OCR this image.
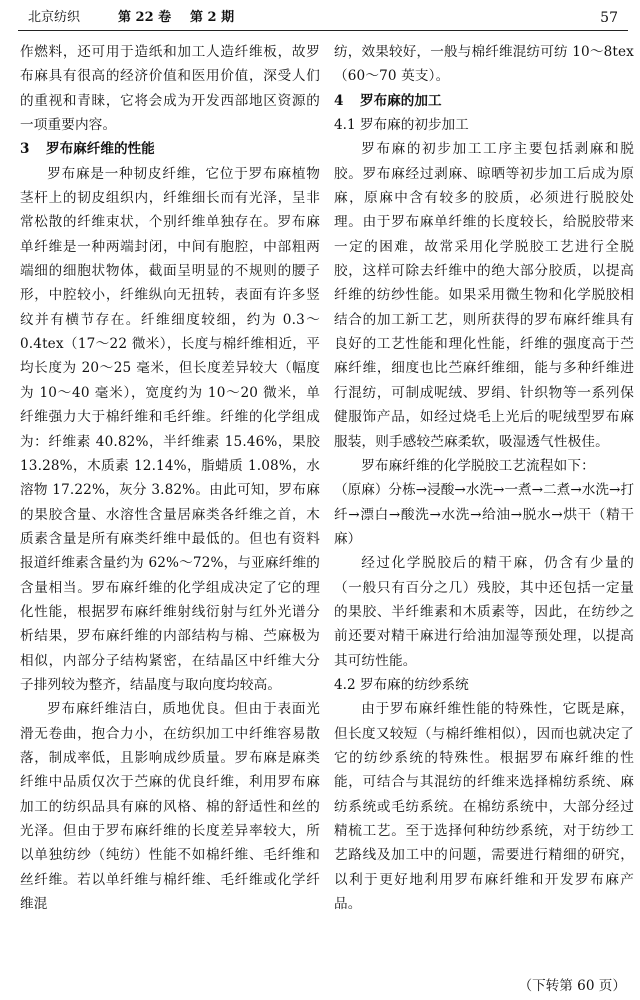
北京纺织	第 22 卷 第 2 期	57

作燃料，还可用于造纸和加工人造纤维板，故罗布麻具有很高的经济价值和医用价值，深受人们的重视和青睐，它将会成为开发西部地区资源的一项重要内容。

3 罗布麻纤维的性能

罗布麻是一种韧皮纤维，它位于罗布麻植物茎杆上的韧皮组织内，纤维细长而有光泽，呈非常松散的纤维束状，个别纤维单独存在。罗布麻单纤维是一种两端封闭，中间有胞腔，中部粗两端细的细胞状物体，截面呈明显的不规则的腰子形，中腔较小，纤维纵向无扭转，表面有许多竖纹并有横节存在。纤维细度较细，约为 0.3～0.4tex（17～22 微米），长度与棉纤维相近，平均长度为 20～25 毫米，但长度差异较大（幅度为 10～40 毫米），宽度约为 10～20 微米，单纤维强力大于棉纤维和毛纤维。纤维的化学组成为：纤维素 40.82%，半纤维素 15.46%，果胶 13.28%，木质素 12.14%，脂蜡质 1.08%，水溶物 17.22%，灰分 3.82%。由此可知，罗布麻的果胶含量、水溶性含量居麻类各纤维之首，木质素含量是所有麻类纤维中最低的。但也有资料报道纤维素含量约为 62%～72%，与亚麻纤维的含量相当。罗布麻纤维的化学组成决定了它的理化性能，根据罗布麻纤维射线衍射与红外光谱分析结果，罗布麻纤维的内部结构与棉、苎麻极为相似，内部分子结构紧密，在结晶区中纤维大分子排列较为整齐，结晶度与取向度均较高。

罗布麻纤维洁白，质地优良。但由于表面光滑无卷曲，抱合力小，在纺织加工中纤维容易散落，制成率低，且影响成纱质量。罗布麻是麻类纤维中品质仅次于苎麻的优良纤维，利用罗布麻加工的纺织品具有麻的风格、棉的舒适性和丝的光泽。但由于罗布麻纤维的长度差异率较大，所以单独纺纱（纯纺）性能不如棉纤维、毛纤维和丝纤维。若以单纤维与棉纤维、毛纤维或化学纤维混

纺，效果较好，一般与棉纤维混纺可纺 10～8tex（60～70 英支）。

4 罗布麻的加工
4.1 罗布麻的初步加工

罗布麻的初步加工工序主要包括剥麻和脱胶。罗布麻经过剥麻、晾晒等初步加工后成为原麻，原麻中含有较多的胶质，必须进行脱胶处理。由于罗布麻单纤维的长度较长，给脱胶带来一定的困难，故常采用化学脱胶工艺进行全脱胶，这样可除去纤维中的绝大部分胶质，以提高纤维的纺纱性能。如果采用微生物和化学脱胶相结合的加工新工艺，则所获得的罗布麻纤维具有良好的工艺性能和理化性能，纤维的强度高于苎麻纤维，细度也比苎麻纤维细，能与多种纤维进行混纺，可制成呢绒、罗绢、针织物等一系列保健服饰产品，如经过烧毛上光后的呢绒型罗布麻服装，则手感较苎麻柔软，吸湿透气性极佳。

罗布麻纤维的化学脱胶工艺流程如下：

（原麻）分栋→浸酸→水洗→一煮→二煮→水洗→打纤→漂白→酸洗→水洗→给油→脱水→烘干（精干麻）

经过化学脱胶后的精干麻，仍含有少量的（一般只有百分之几）残胶，其中还包括一定量的果胶、半纤维素和木质素等，因此，在纺纱之前还要对精干麻进行给油加湿等预处理，以提高其可纺性能。

4.2 罗布麻的纺纱系统

由于罗布麻纤维性能的特殊性，它既是麻，但长度又较短（与棉纤维相似），因而也就决定了它的纺纱系统的特殊性。根据罗布麻纤维的性能，可结合与其混纺的纤维来选择棉纺系统、麻纺系统或毛纺系统。在棉纺系统中，大部分经过精梳工艺。至于选择何种纺纱系统，对于纺纱工艺路线及加工中的问题，需要进行精细的研究，以利于更好地利用罗布麻纤维和开发罗布麻产品。

（下转第 60 页）
